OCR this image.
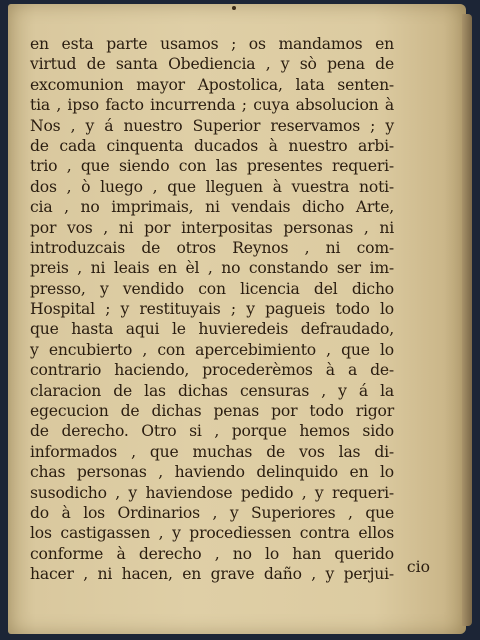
en esta parte usamos ; os mandamos en
virtud de santa Obediencia , y sò pena de
excomunion mayor Apostolica, lata senten-
tia , ipso facto incurrenda ; cuya absolucion à
Nos , y á nuestro Superior reservamos ; y
de cada cinquenta ducados à nuestro arbi-
trio , que siendo con las presentes requeri-
dos , ò luego , que lleguen à vuestra noti-
cia , no imprimais, ni vendais dicho Arte,
por vos , ni por interpositas personas , ni
introduzcais de otros Reynos , ni com-
preis , ni leais en èl , no constando ser im-
presso, y vendido con licencia del dicho
Hospital ; y restituyais ; y pagueis todo lo
que hasta aqui le huvieredeis defraudado,
y encubierto , con apercebimiento , que lo
contrario haciendo, procederèmos à a de-
claracion de las dichas censuras , y á la
egecucion de dichas penas por todo rigor
de derecho. Otro si , porque hemos sido
informados , que muchas de vos las di-
chas personas , haviendo delinquido en lo
susodicho , y haviendose pedido , y requeri-
do à los Ordinarios , y Superiores , que
los castigassen , y procediessen contra ellos
conforme à derecho , no lo han querido
hacer , ni hacen, en grave daño , y perjui- cio
